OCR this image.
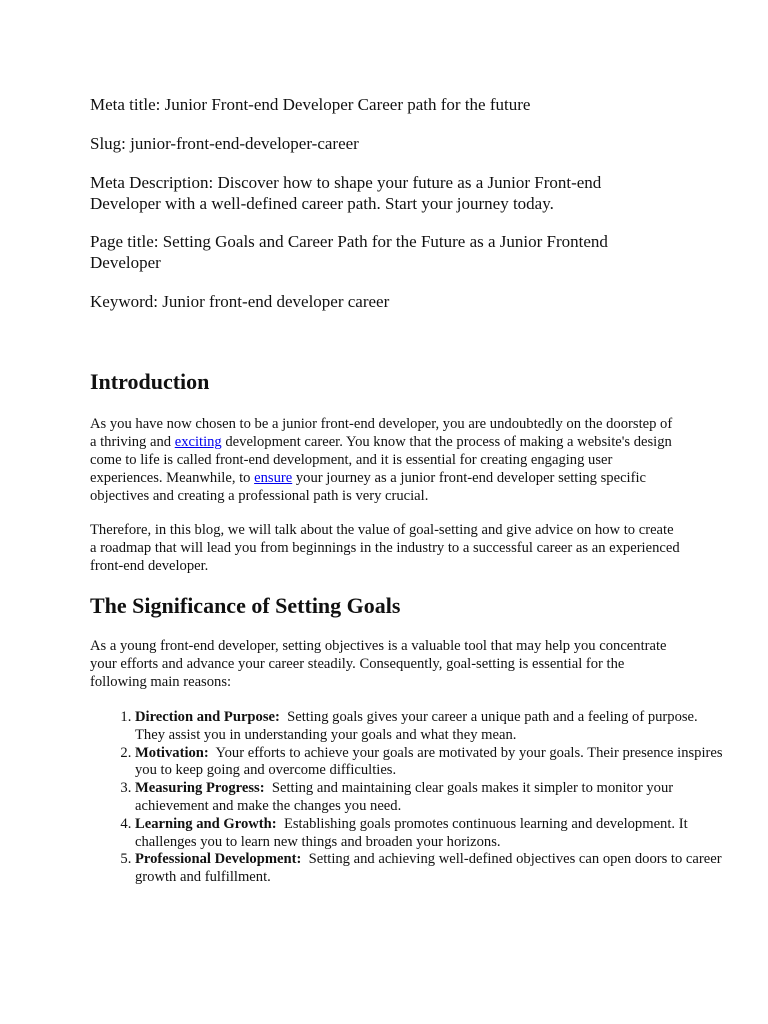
Meta title: Junior Front-end Developer Career path for the future
Slug: junior-front-end-developer-career
Meta Description: Discover how to shape your future as a Junior Front-end Developer with a well-defined career path. Start your journey today.
Page title: Setting Goals and Career Path for the Future as a Junior Frontend Developer
Keyword: Junior front-end developer career
Introduction
As you have now chosen to be a junior front-end developer, you are undoubtedly on the doorstep of a thriving and exciting development career. You know that the process of making a website's design come to life is called front-end development, and it is essential for creating engaging user experiences. Meanwhile, to ensure your journey as a junior front-end developer setting specific objectives and creating a professional path is very crucial.
Therefore, in this blog, we will talk about the value of goal-setting and give advice on how to create a roadmap that will lead you from beginnings in the industry to a successful career as an experienced front-end developer.
The Significance of Setting Goals
As a young front-end developer, setting objectives is a valuable tool that may help you concentrate your efforts and advance your career steadily. Consequently, goal-setting is essential for the following main reasons:
1. Direction and Purpose:  Setting goals gives your career a unique path and a feeling of purpose. They assist you in understanding your goals and what they mean.
2. Motivation:  Your efforts to achieve your goals are motivated by your goals. Their presence inspires you to keep going and overcome difficulties.
3. Measuring Progress:  Setting and maintaining clear goals makes it simpler to monitor your achievement and make the changes you need.
4. Learning and Growth:  Establishing goals promotes continuous learning and development. It challenges you to learn new things and broaden your horizons.
5. Professional Development:  Setting and achieving well-defined objectives can open doors to career growth and fulfillment.
